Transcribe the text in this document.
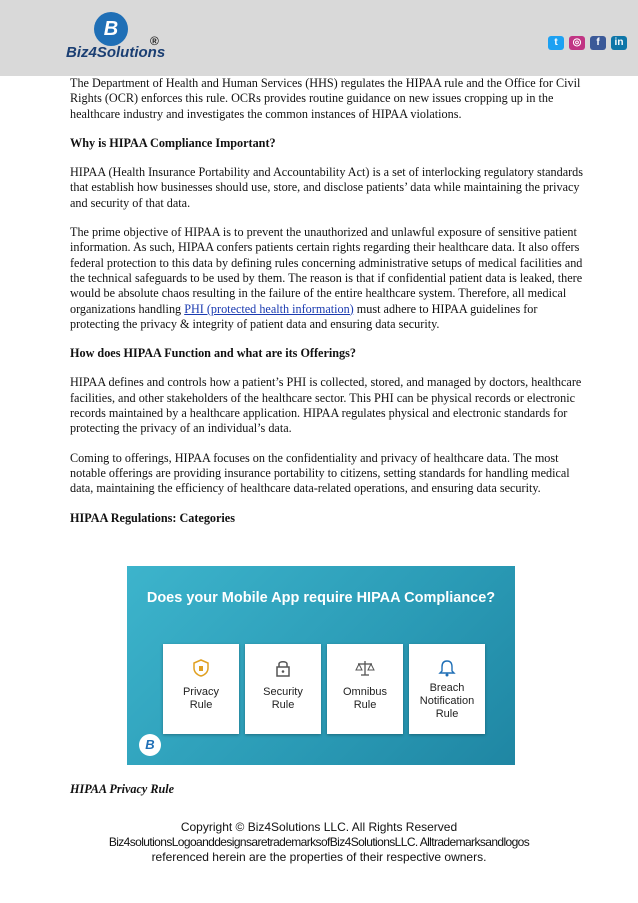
B
Biz4Solutions
®	t	◎	f	in

The Department of Health and Human Services (HHS) regulates the HIPAA rule and the Office for Civil Rights (OCR) enforces this rule. OCRs provides routine guidance on new issues cropping up in the healthcare industry and investigates the common instances of HIPAA violations.

Why is HIPAA Compliance Important?

HIPAA (Health Insurance Portability and Accountability Act) is a set of interlocking regulatory standards that establish how businesses should use, store, and disclose patients’ data while maintaining the privacy and security of that data.

The prime objective of HIPAA is to prevent the unauthorized and unlawful exposure of sensitive patient information. As such, HIPAA confers patients certain rights regarding their healthcare data. It also offers federal protection to this data by defining rules concerning administrative setups of medical facilities and the technical safeguards to be used by them. The reason is that if confidential patient data is leaked, there would be absolute chaos resulting in the failure of the entire healthcare system. Therefore, all medical organizations handling PHI (protected health information) must adhere to HIPAA guidelines for protecting the privacy & integrity of patient data and ensuring data security.

How does HIPAA Function and what are its Offerings?

HIPAA defines and controls how a patient’s PHI is collected, stored, and managed by doctors, healthcare facilities, and other stakeholders of the healthcare sector. This PHI can be physical records or electronic records maintained by a healthcare application. HIPAA regulates physical and electronic standards for protecting the privacy of an individual’s data.

Coming to offerings, HIPAA focuses on the confidentiality and privacy of healthcare data. The most notable offerings are providing insurance portability to citizens, setting standards for handling medical data, maintaining the efficiency of healthcare data-related operations, and ensuring data security.

HIPAA Regulations: Categories
Does your Mobile App require HIPAA Compliance?
Privacy
Rule
Security
Rule
Omnibus
Rule
Breach
Notification
Rule
B
HIPAA Privacy Rule
Copyright © Biz4Solutions LLC. All Rights Reserved
Biz4solutionsLogoanddesignsaretrademarksofBiz4SolutionsLLC. Alltrademarksandlogos
referenced herein are the properties of their respective owners.
